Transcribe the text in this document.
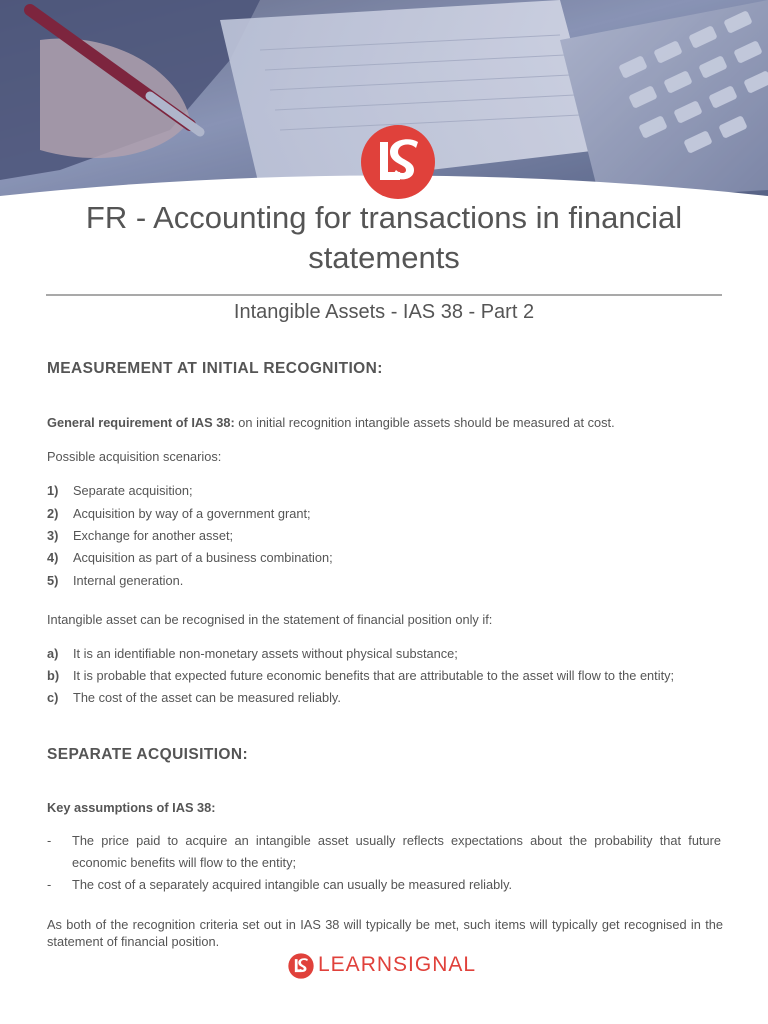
FR - Accounting for transactions in financial statements
Intangible Assets - IAS 38 - Part 2
MEASUREMENT AT INITIAL RECOGNITION:
General requirement of IAS 38: on initial recognition intangible assets should be measured at cost.
Possible acquisition scenarios:
1) Separate acquisition;
2) Acquisition by way of a government grant;
3) Exchange for another asset;
4) Acquisition as part of a business combination;
5) Internal generation.
Intangible asset can be recognised in the statement of financial position only if:
a) It is an identifiable non-monetary assets without physical substance;
b) It is probable that expected future economic benefits that are attributable to the asset will flow to the entity;
c) The cost of the asset can be measured reliably.
SEPARATE ACQUISITION:
Key assumptions of IAS 38:
- The price paid to acquire an intangible asset usually reflects expectations about the probability that future economic benefits will flow to the entity;
- The cost of a separately acquired intangible can usually be measured reliably.
As both of the recognition criteria set out in IAS 38 will typically be met, such items will typically get recognised in the statement of financial position.
LEARNSIGNAL
